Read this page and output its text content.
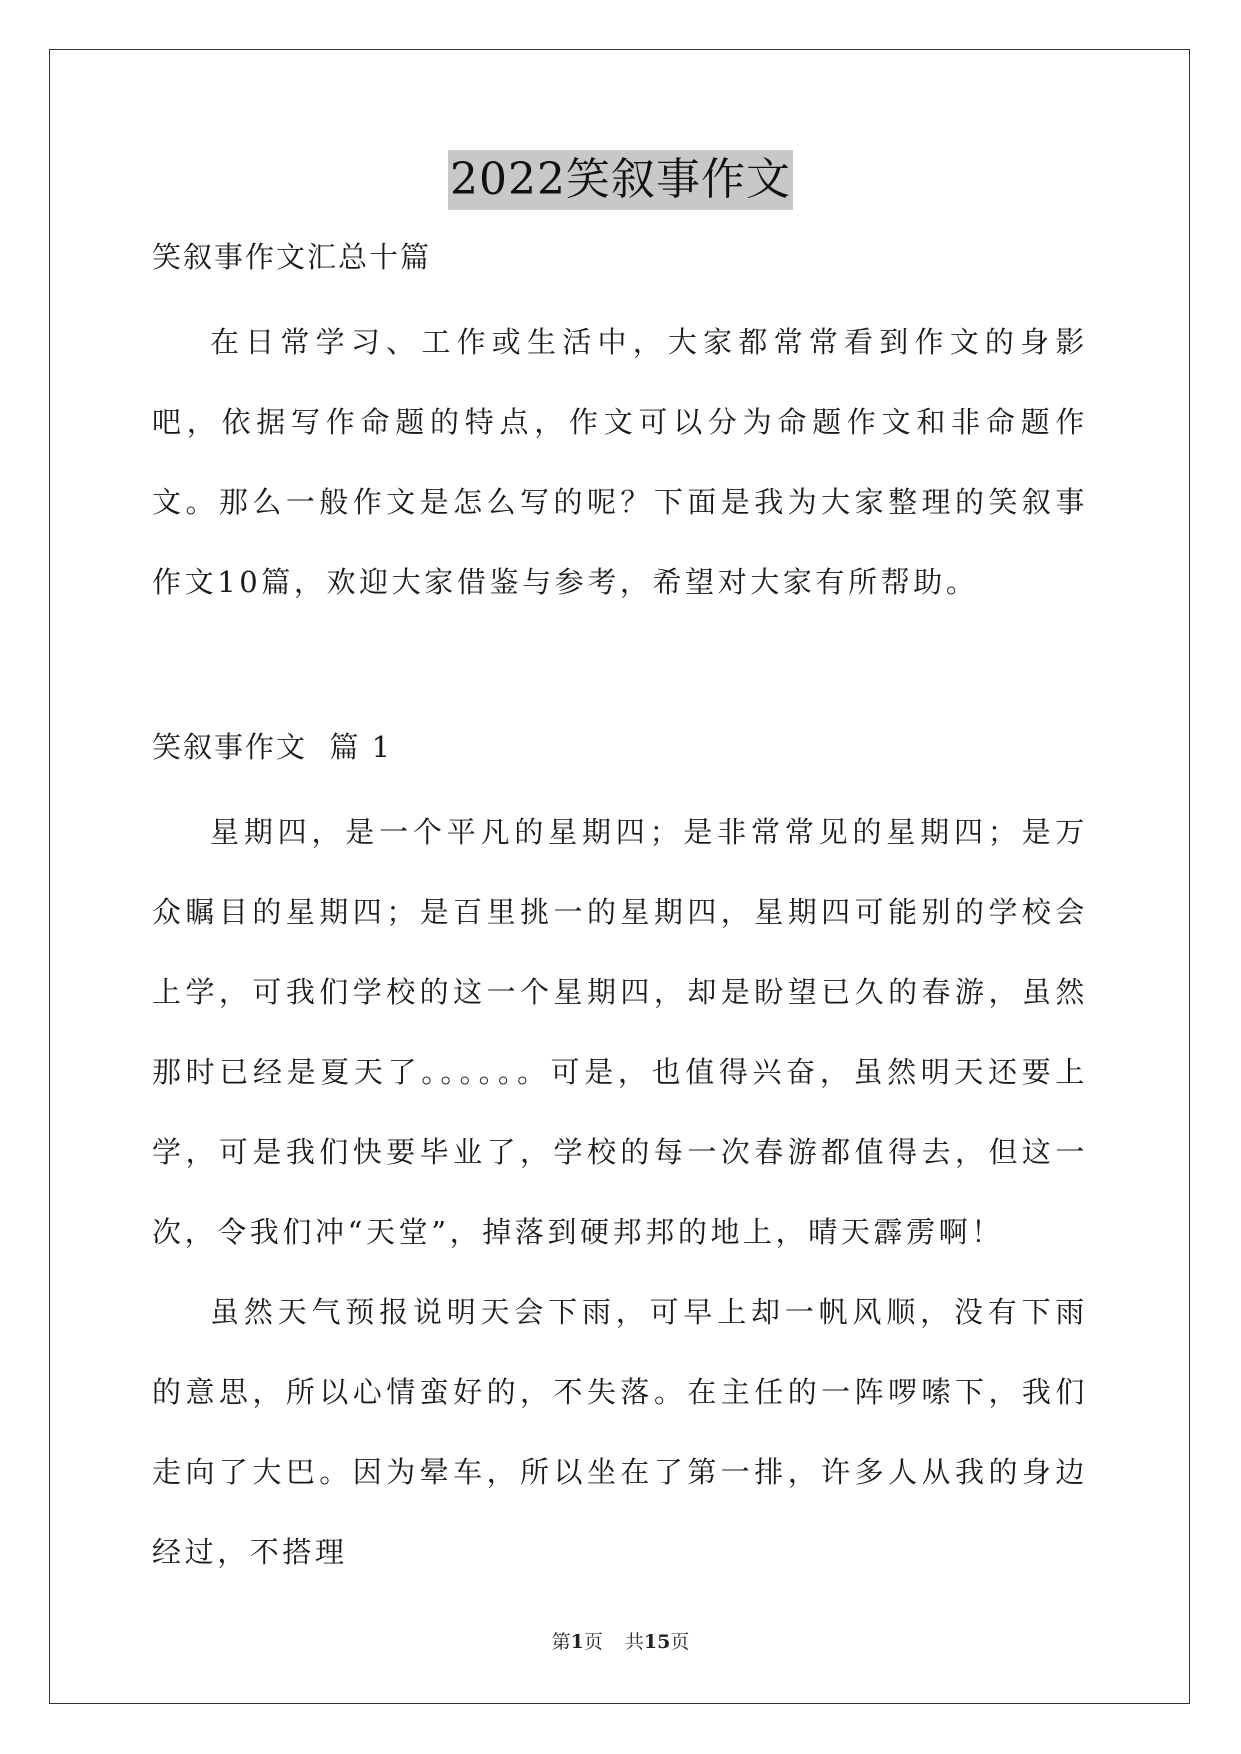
2022笑叙事作文

笑叙事作文汇总十篇

在日常学习、工作或生活中，大家都常常看到作文的身影吧，依据写作命题的特点，作文可以分为命题作文和非命题作文。那么一般作文是怎么写的呢？下面是我为大家整理的笑叙事作文10篇，欢迎大家借鉴与参考，希望对大家有所帮助。

笑叙事作文 篇 1

星期四，是一个平凡的星期四；是非常常见的星期四；是万众瞩目的星期四；是百里挑一的星期四，星期四可能别的学校会上学，可我们学校的这一个星期四，却是盼望已久的春游，虽然那时已经是夏天了。。。。。。可是，也值得兴奋，虽然明天还要上学，可是我们快要毕业了，学校的每一次春游都值得去，但这一次，令我们冲“天堂”，掉落到硬邦邦的地上，晴天霹雳啊！

虽然天气预报说明天会下雨，可早上却一帆风顺，没有下雨的意思，所以心情蛮好的，不失落。在主任的一阵啰嗦下，我们走向了大巴。因为晕车，所以坐在了第一排，许多人从我的身边经过，不搭理

第1页 共15页
